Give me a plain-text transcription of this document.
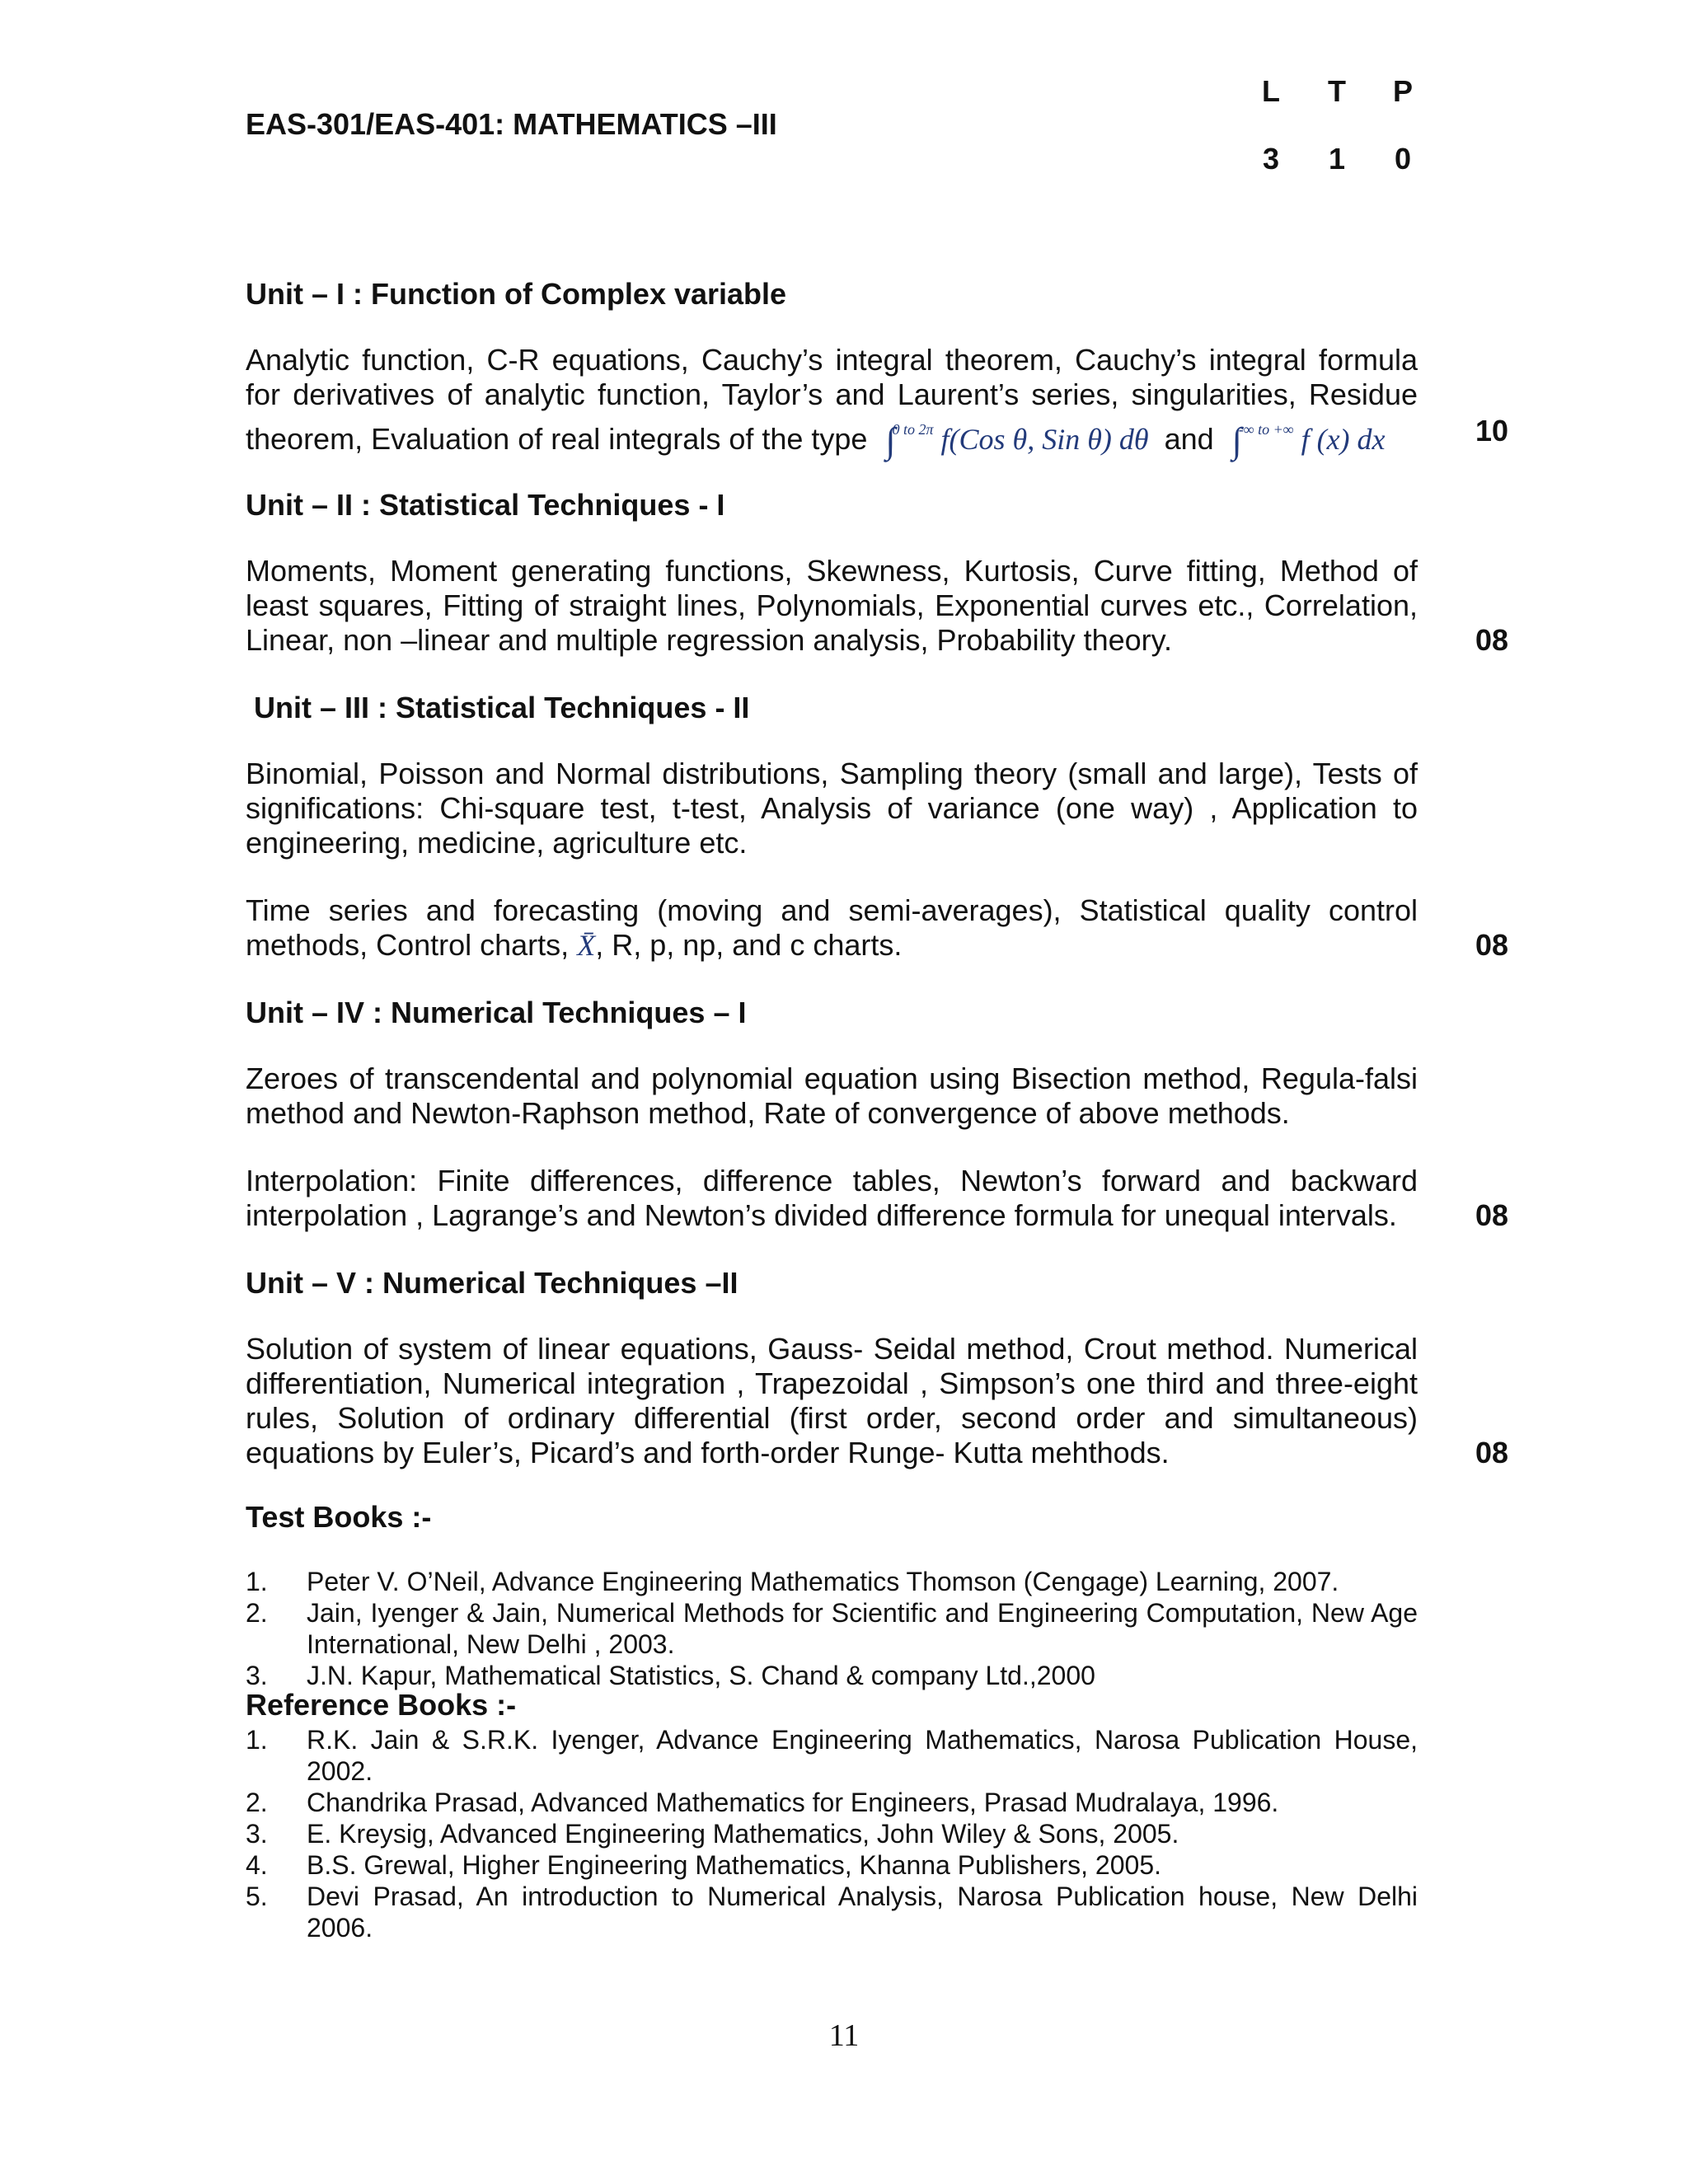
EAS-301/EAS-401: MATHEMATICS –III
L	T	P
3	1	0
Unit – I : Function of Complex variable
Analytic function, C-R equations, Cauchy’s integral theorem, Cauchy’s integral formula for derivatives of analytic function, Taylor’s and Laurent’s series, singularities, Residue theorem, Evaluation of real integrals of the type ∫$^{0 to 2\pi}$ f(Cos θ, Sin θ) dθ and ∫$^{-\infty to +\infty}$ f (x) dx	10
Unit – II : Statistical Techniques - I
Moments, Moment generating functions, Skewness, Kurtosis, Curve fitting, Method of least squares, Fitting of straight lines, Polynomials, Exponential curves etc., Correlation, Linear, non –linear and multiple regression analysis, Probability theory.	08
Unit – III : Statistical Techniques - II
Binomial, Poisson and Normal distributions, Sampling theory (small and large), Tests of significations: Chi-square test, t-test, Analysis of variance (one way) , Application to engineering, medicine, agriculture etc.
Time series and forecasting (moving and semi-averages), Statistical quality control methods, Control charts, X̄, R, p, np, and c charts.	08
Unit – IV : Numerical Techniques – I
Zeroes of transcendental and polynomial equation using Bisection method, Regula-falsi method and Newton-Raphson method, Rate of convergence of above methods.
Interpolation: Finite differences, difference tables, Newton’s forward and backward interpolation , Lagrange’s and Newton’s divided difference formula for unequal intervals.	08
Unit – V : Numerical Techniques –II
Solution of system of linear equations, Gauss- Seidal method, Crout method. Numerical differentiation, Numerical integration , Trapezoidal , Simpson’s one third and three-eight rules, Solution of ordinary differential (first order, second order and simultaneous) equations by Euler’s, Picard’s and forth-order Runge- Kutta mehthods.	08
Test Books :-
1. Peter V. O’Neil, Advance Engineering Mathematics Thomson (Cengage) Learning, 2007.
2. Jain, Iyenger & Jain, Numerical Methods for Scientific and Engineering Computation, New Age International, New Delhi , 2003.
3. J.N. Kapur, Mathematical Statistics, S. Chand & company Ltd.,2000
Reference Books :-
1. R.K. Jain & S.R.K. Iyenger, Advance Engineering Mathematics, Narosa Publication House, 2002.
2. Chandrika Prasad, Advanced Mathematics for Engineers, Prasad Mudralaya, 1996.
3. E. Kreysig, Advanced Engineering Mathematics, John Wiley & Sons, 2005.
4. B.S. Grewal, Higher Engineering Mathematics, Khanna Publishers, 2005.
5. Devi Prasad, An introduction to Numerical Analysis, Narosa Publication house, New Delhi 2006.
11
